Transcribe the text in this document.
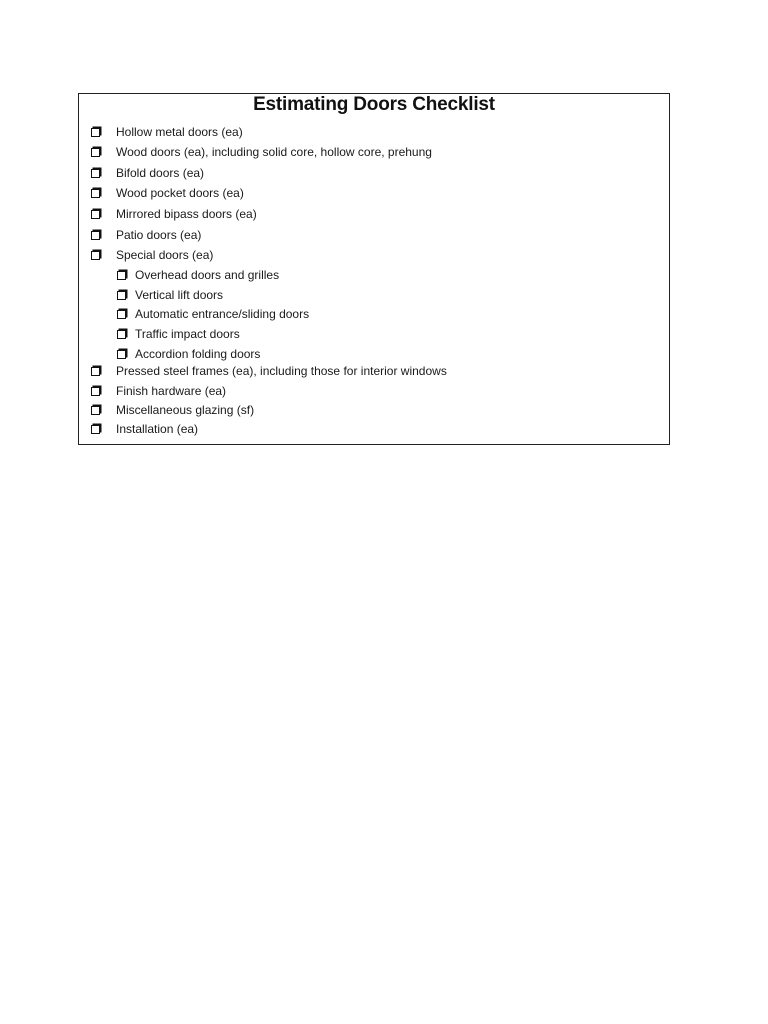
Estimating Doors Checklist
Hollow metal doors (ea)
Wood doors (ea), including solid core, hollow core, prehung
Bifold doors (ea)
Wood pocket doors (ea)
Mirrored bipass doors (ea)
Patio doors (ea)
Special doors (ea)
Overhead doors and grilles
Vertical lift doors
Automatic entrance/sliding doors
Traffic impact doors
Accordion folding doors
Pressed steel frames (ea), including those for interior windows
Finish hardware (ea)
Miscellaneous glazing (sf)
Installation (ea)
